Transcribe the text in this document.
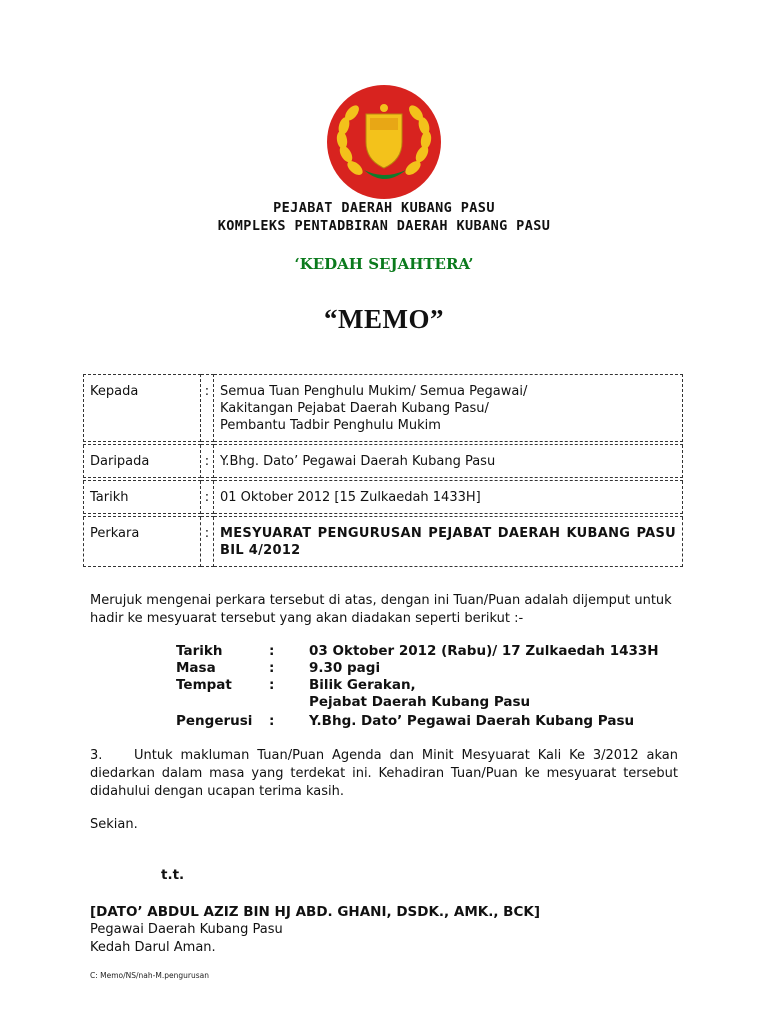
PEJABAT DAERAH KUBANG PASU
KOMPLEKS PENTADBIRAN DAERAH KUBANG PASU
‘KEDAH SEJAHTERA’
“MEMO”
Kepada	:	Semua Tuan Penghulu Mukim/ Semua Pegawai/
Kakitangan Pejabat Daerah Kubang Pasu/
Pembantu Tadbir Penghulu Mukim

Daripada	:	Y.Bhg. Dato’ Pegawai Daerah Kubang Pasu

Tarikh	:	01 Oktober 2012 [15 Zulkaedah 1433H]

Perkara	:	MESYUARAT PENGURUSAN PEJABAT DAERAH KUBANG PASU BIL 4/2012
Merujuk mengenai perkara tersebut di atas, dengan ini Tuan/Puan adalah dijemput untuk hadir ke mesyuarat tersebut yang akan diadakan seperti berikut :-
Tarikh	:	03 Oktober 2012 (Rabu)/ 17 Zulkaedah 1433H
Masa	:	9.30 pagi
Tempat	:	Bilik Gerakan,
Pejabat Daerah Kubang Pasu

Pengerusi	:	Y.Bhg. Dato’ Pegawai Daerah Kubang Pasu
3. Untuk makluman Tuan/Puan Agenda dan Minit Mesyuarat Kali Ke 3/2012 akan diedarkan dalam masa yang terdekat ini. Kehadiran Tuan/Puan ke mesyuarat tersebut didahului dengan ucapan terima kasih.
Sekian.
t.t.
[DATO’ ABDUL AZIZ BIN HJ ABD. GHANI, DSDK., AMK., BCK]
Pegawai Daerah Kubang Pasu
Kedah Darul Aman.
C: Memo/NS/nah-M.pengurusan
